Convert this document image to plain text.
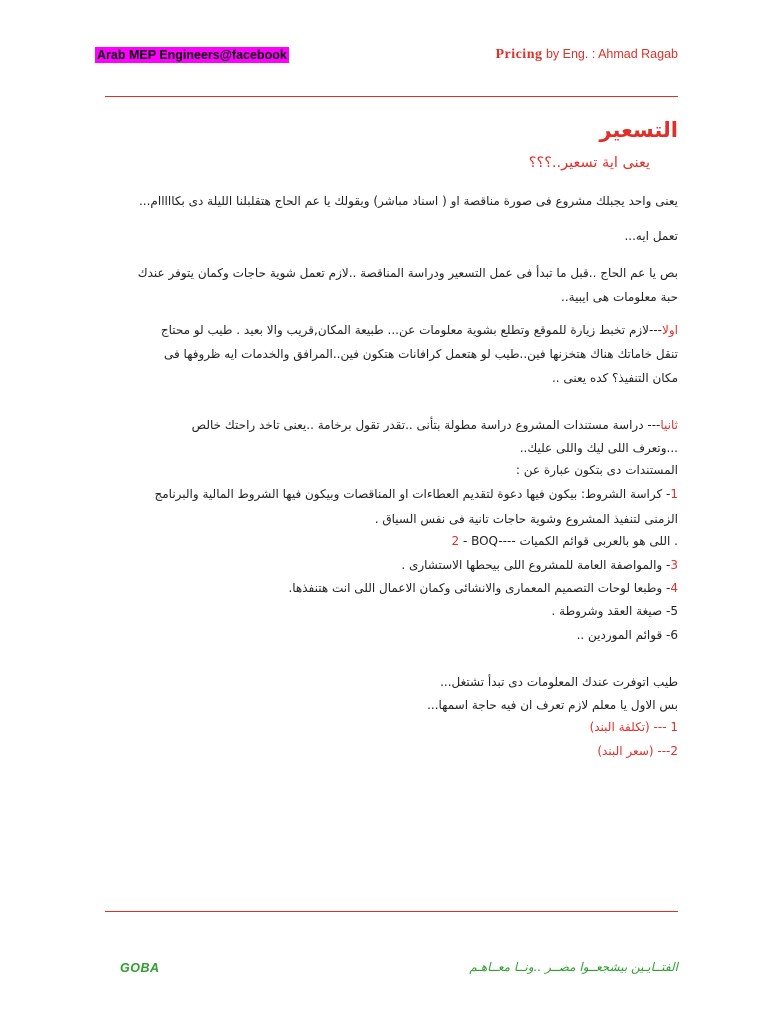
Arab MEP Engineers@facebook	Pricing by Eng. : Ahmad Ragab
التسعير
يعنى اية تسعير..؟؟؟
يعنى واحد يجبلك مشروع فى صورة مناقصة او ( اسناد مباشر) ويقولك يا عم الحاج هتقلبلنا الليلة دى بكااااام...
تعمل ايه...
بص يا عم الحاج ..قبل ما تبدأ فى عمل التسعير ودراسة المناقصة ..لازم تعمل شوية حاجات وكمان يتوفر عندك
حبة معلومات هى ايبية..
اولا---لازم تخبط زيارة للموقع وتطلع بشوية معلومات عن... طبيعة المكان,قريب والا بعيد . طيب لو محتاج
تنقل خاماتك هناك هتخزنها فين..طيب لو هتعمل كرافانات هتكون فين..المرافق والخدمات ايه ظروفها فى
مكان التنفيذ؟ كده يعنى ..
ثانيا--- دراسة مستندات المشروع دراسة مطولة بتأنى ..تقدر تقول برخامة ..يعنى تاخد راحتك خالص
...وتعرف اللى ليك واللى عليك..
المستندات دى بتكون عبارة عن :
1- كراسة الشروط: بيكون فيها دعوة لتقديم العطاءات او المناقصات وبيكون فيها الشروط المالية والبرنامج
الزمنى لتنفيذ المشروع وشوية حاجات تانية فى نفس السياق .
2 - BOQ---- اللى هو بالعربى قوائم الكميات .
3- والمواصفة العامة للمشروع اللى بيحطها الاستشارى .
4- وطبعا لوحات التصميم المعمارى والانشائى وكمان الاعمال اللى انت هتنفذها.
5- صيغة العقد وشروطة .
6- قوائم الموردين ..
طيب اتوفرت عندك المعلومات دى تبدأ تشتغل...
بس الاول يا معلم لازم تعرف ان فيه حاجة اسمها...
1 --- (تكلفة البند)
2--- (سعر البند)
GOBA	الفتــايـين بيشجعــوا مصــر ..ونــا معــاهـم
